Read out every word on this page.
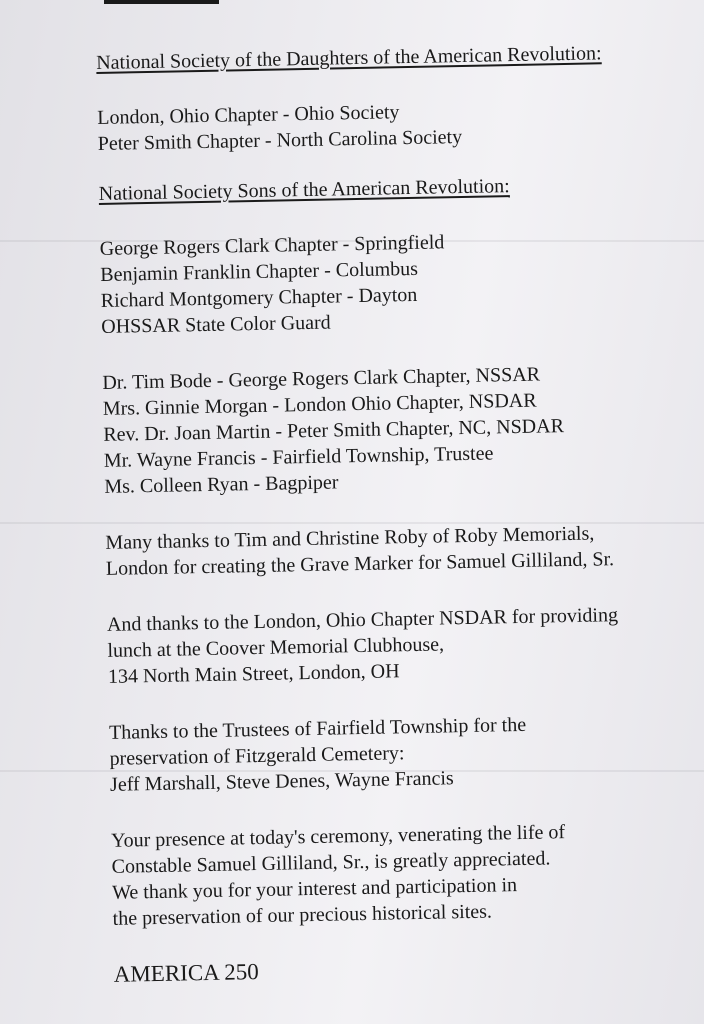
National Society of the Daughters of the American Revolution:

London, Ohio Chapter - Ohio Society

Peter Smith Chapter - North Carolina Society

National Society Sons of the American Revolution:

George Rogers Clark Chapter - Springfield

Benjamin Franklin Chapter - Columbus

Richard Montgomery Chapter - Dayton

OHSSAR State Color Guard

Dr. Tim Bode - George Rogers Clark Chapter, NSSAR

Mrs. Ginnie Morgan - London Ohio Chapter, NSDAR

Rev. Dr. Joan Martin - Peter Smith Chapter, NC, NSDAR

Mr. Wayne Francis - Fairfield Township, Trustee

Ms. Colleen Ryan - Bagpiper

Many thanks to Tim and Christine Roby of Roby Memorials,

London for creating the Grave Marker for Samuel Gilliland, Sr.

And thanks to the London, Ohio Chapter NSDAR for providing

lunch at the Coover Memorial Clubhouse,

134 North Main Street, London, OH

Thanks to the Trustees of Fairfield Township for the

preservation of Fitzgerald Cemetery:

Jeff Marshall, Steve Denes, Wayne Francis

Your presence at today's ceremony, venerating the life of

Constable Samuel Gilliland, Sr., is greatly appreciated.

We thank you for your interest and participation in

the preservation of our precious historical sites.

AMERICA 250
